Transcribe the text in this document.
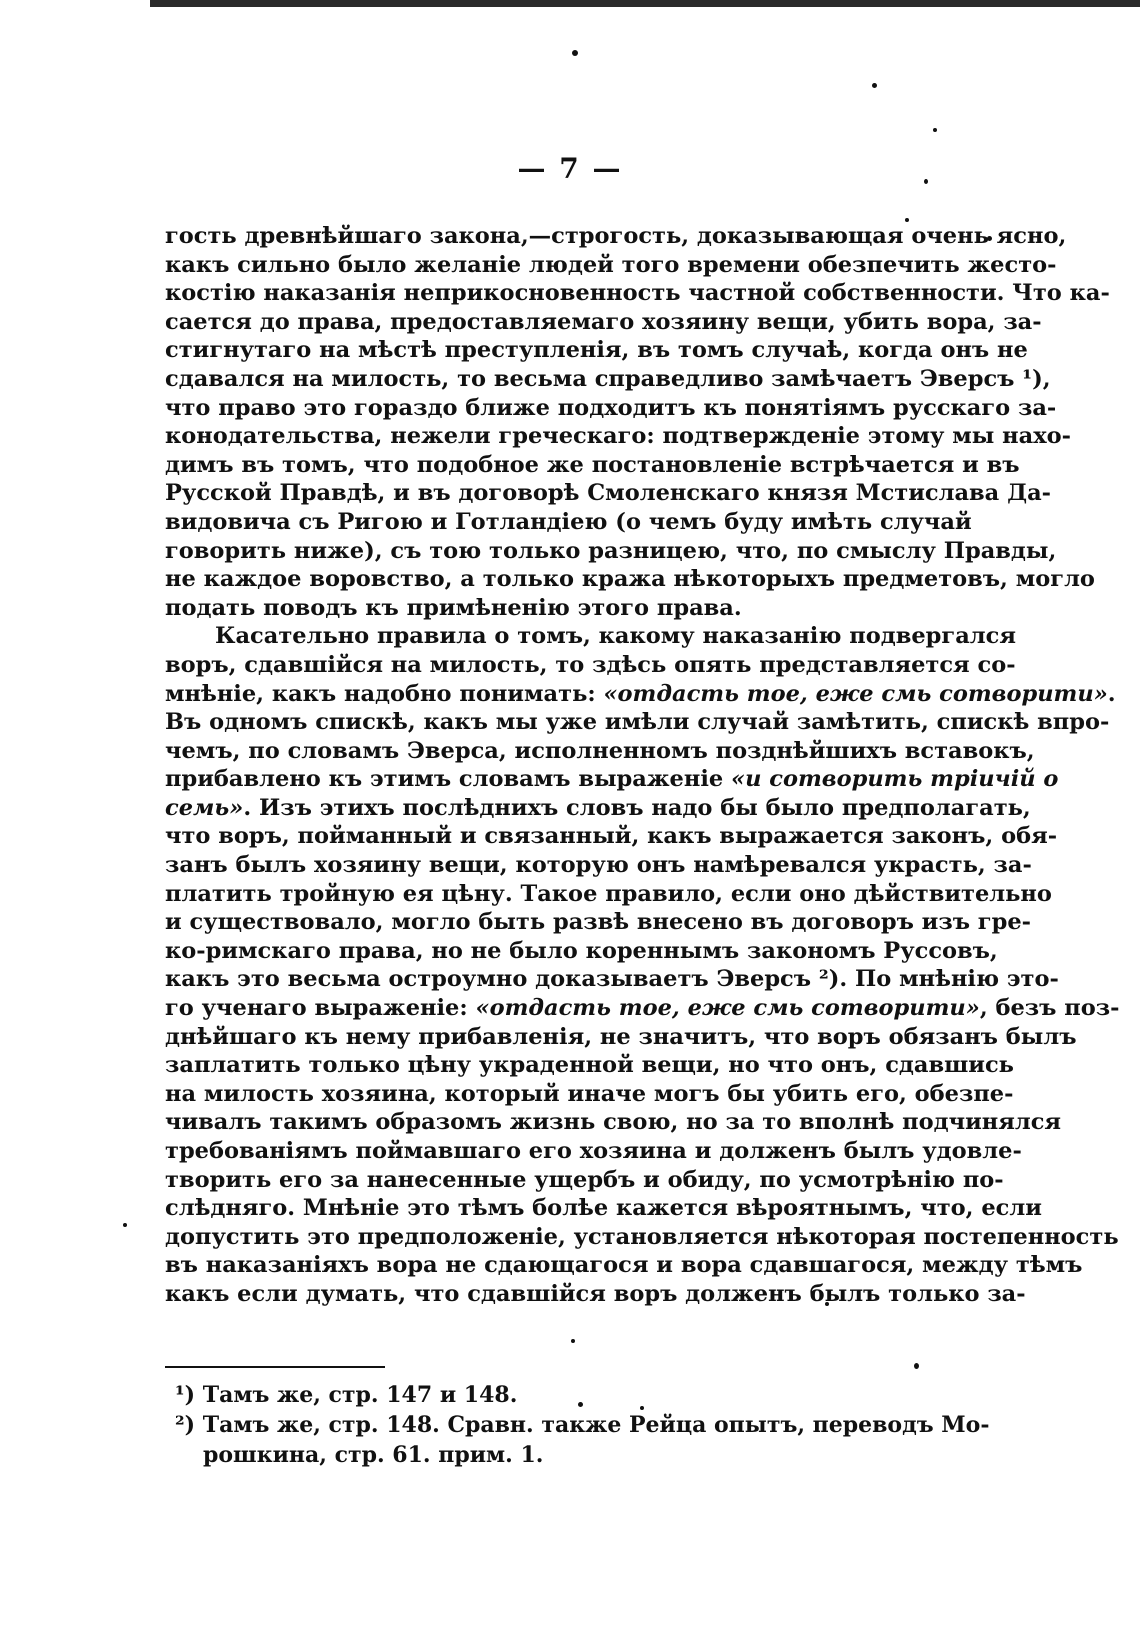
— 7 —
гость древнѣйшаго закона,—строгость, доказывающая очень ясно,
какъ сильно было желаніе людей того времени обезпечить жесто-
костію наказанія неприкосновенность частной собственности. Что ка-
сается до права, предоставляемаго хозяину вещи, убить вора, за-
стигнутаго на мѣстѣ преступленія, въ томъ случаѣ, когда онъ не
сдавался на милость, то весьма справедливо замѣчаетъ Эверсъ ¹),
что право это гораздо ближе подходитъ къ понятіямъ русскаго за-
конодательства, нежели греческаго: подтвержденіе этому мы нахо-
димъ въ томъ, что подобное же постановленіе встрѣчается и въ
Русской Правдѣ, и въ договорѣ Смоленскаго князя Мстислава Да-
видовича съ Ригою и Готландіею (о чемъ буду имѣть случай
говорить ниже), съ тою только разницею, что, по смыслу Правды,
не каждое воровство, а только кража нѣкоторыхъ предметовъ, могло
подать поводъ къ примѣненію этого права.
Касательно правила о томъ, какому наказанію подвергался
воръ, сдавшійся на милость, то здѣсь опять представляется со-
мнѣніе, какъ надобно понимать: «отдасть тое, еже смь сотворити».
Въ одномъ спискѣ, какъ мы уже имѣли случай замѣтить, спискѣ впро-
чемъ, по словамъ Эверса, исполненномъ позднѣйшихъ вставокъ,
прибавлено къ этимъ словамъ выраженіе «и сотворить тріичій о
семь». Изъ этихъ послѣднихъ словъ надо бы было предполагать,
что воръ, пойманный и связанный, какъ выражается законъ, обя-
занъ былъ хозяину вещи, которую онъ намѣревался украсть, за-
платить тройную ея цѣну. Такое правило, если оно дѣйствительно
и существовало, могло быть развѣ внесено въ договоръ изъ гре-
ко-римскаго права, но не было кореннымъ закономъ Руссовъ,
какъ это весьма остроумно доказываетъ Эверсъ ²). По мнѣнію это-
го ученаго выраженіе: «отдасть тое, еже смь сотворити», безъ поз-
днѣйшаго къ нему прибавленія, не значитъ, что воръ обязанъ былъ
заплатить только цѣну украденной вещи, но что онъ, сдавшись
на милость хозяина, который иначе могъ бы убить его, обезпе-
чивалъ такимъ образомъ жизнь свою, но за то вполнѣ подчинялся
требованіямъ поймавшаго его хозяина и долженъ былъ удовле-
творить его за нанесенные ущербъ и обиду, по усмотрѣнію по-
слѣдняго. Мнѣніе это тѣмъ болѣе кажется вѣроятнымъ, что, если
допустить это предположеніе, установляется нѣкоторая постепенность
въ наказаніяхъ вора не сдающагося и вора сдавшагося, между тѣмъ
какъ если думать, что сдавшійся воръ долженъ былъ только за-
¹) Тамъ же, стр. 147 и 148.
²) Тамъ же, стр. 148. Сравн. также Рейца опытъ, переводъ Мо-
рошкина, стр. 61. прим. 1.
